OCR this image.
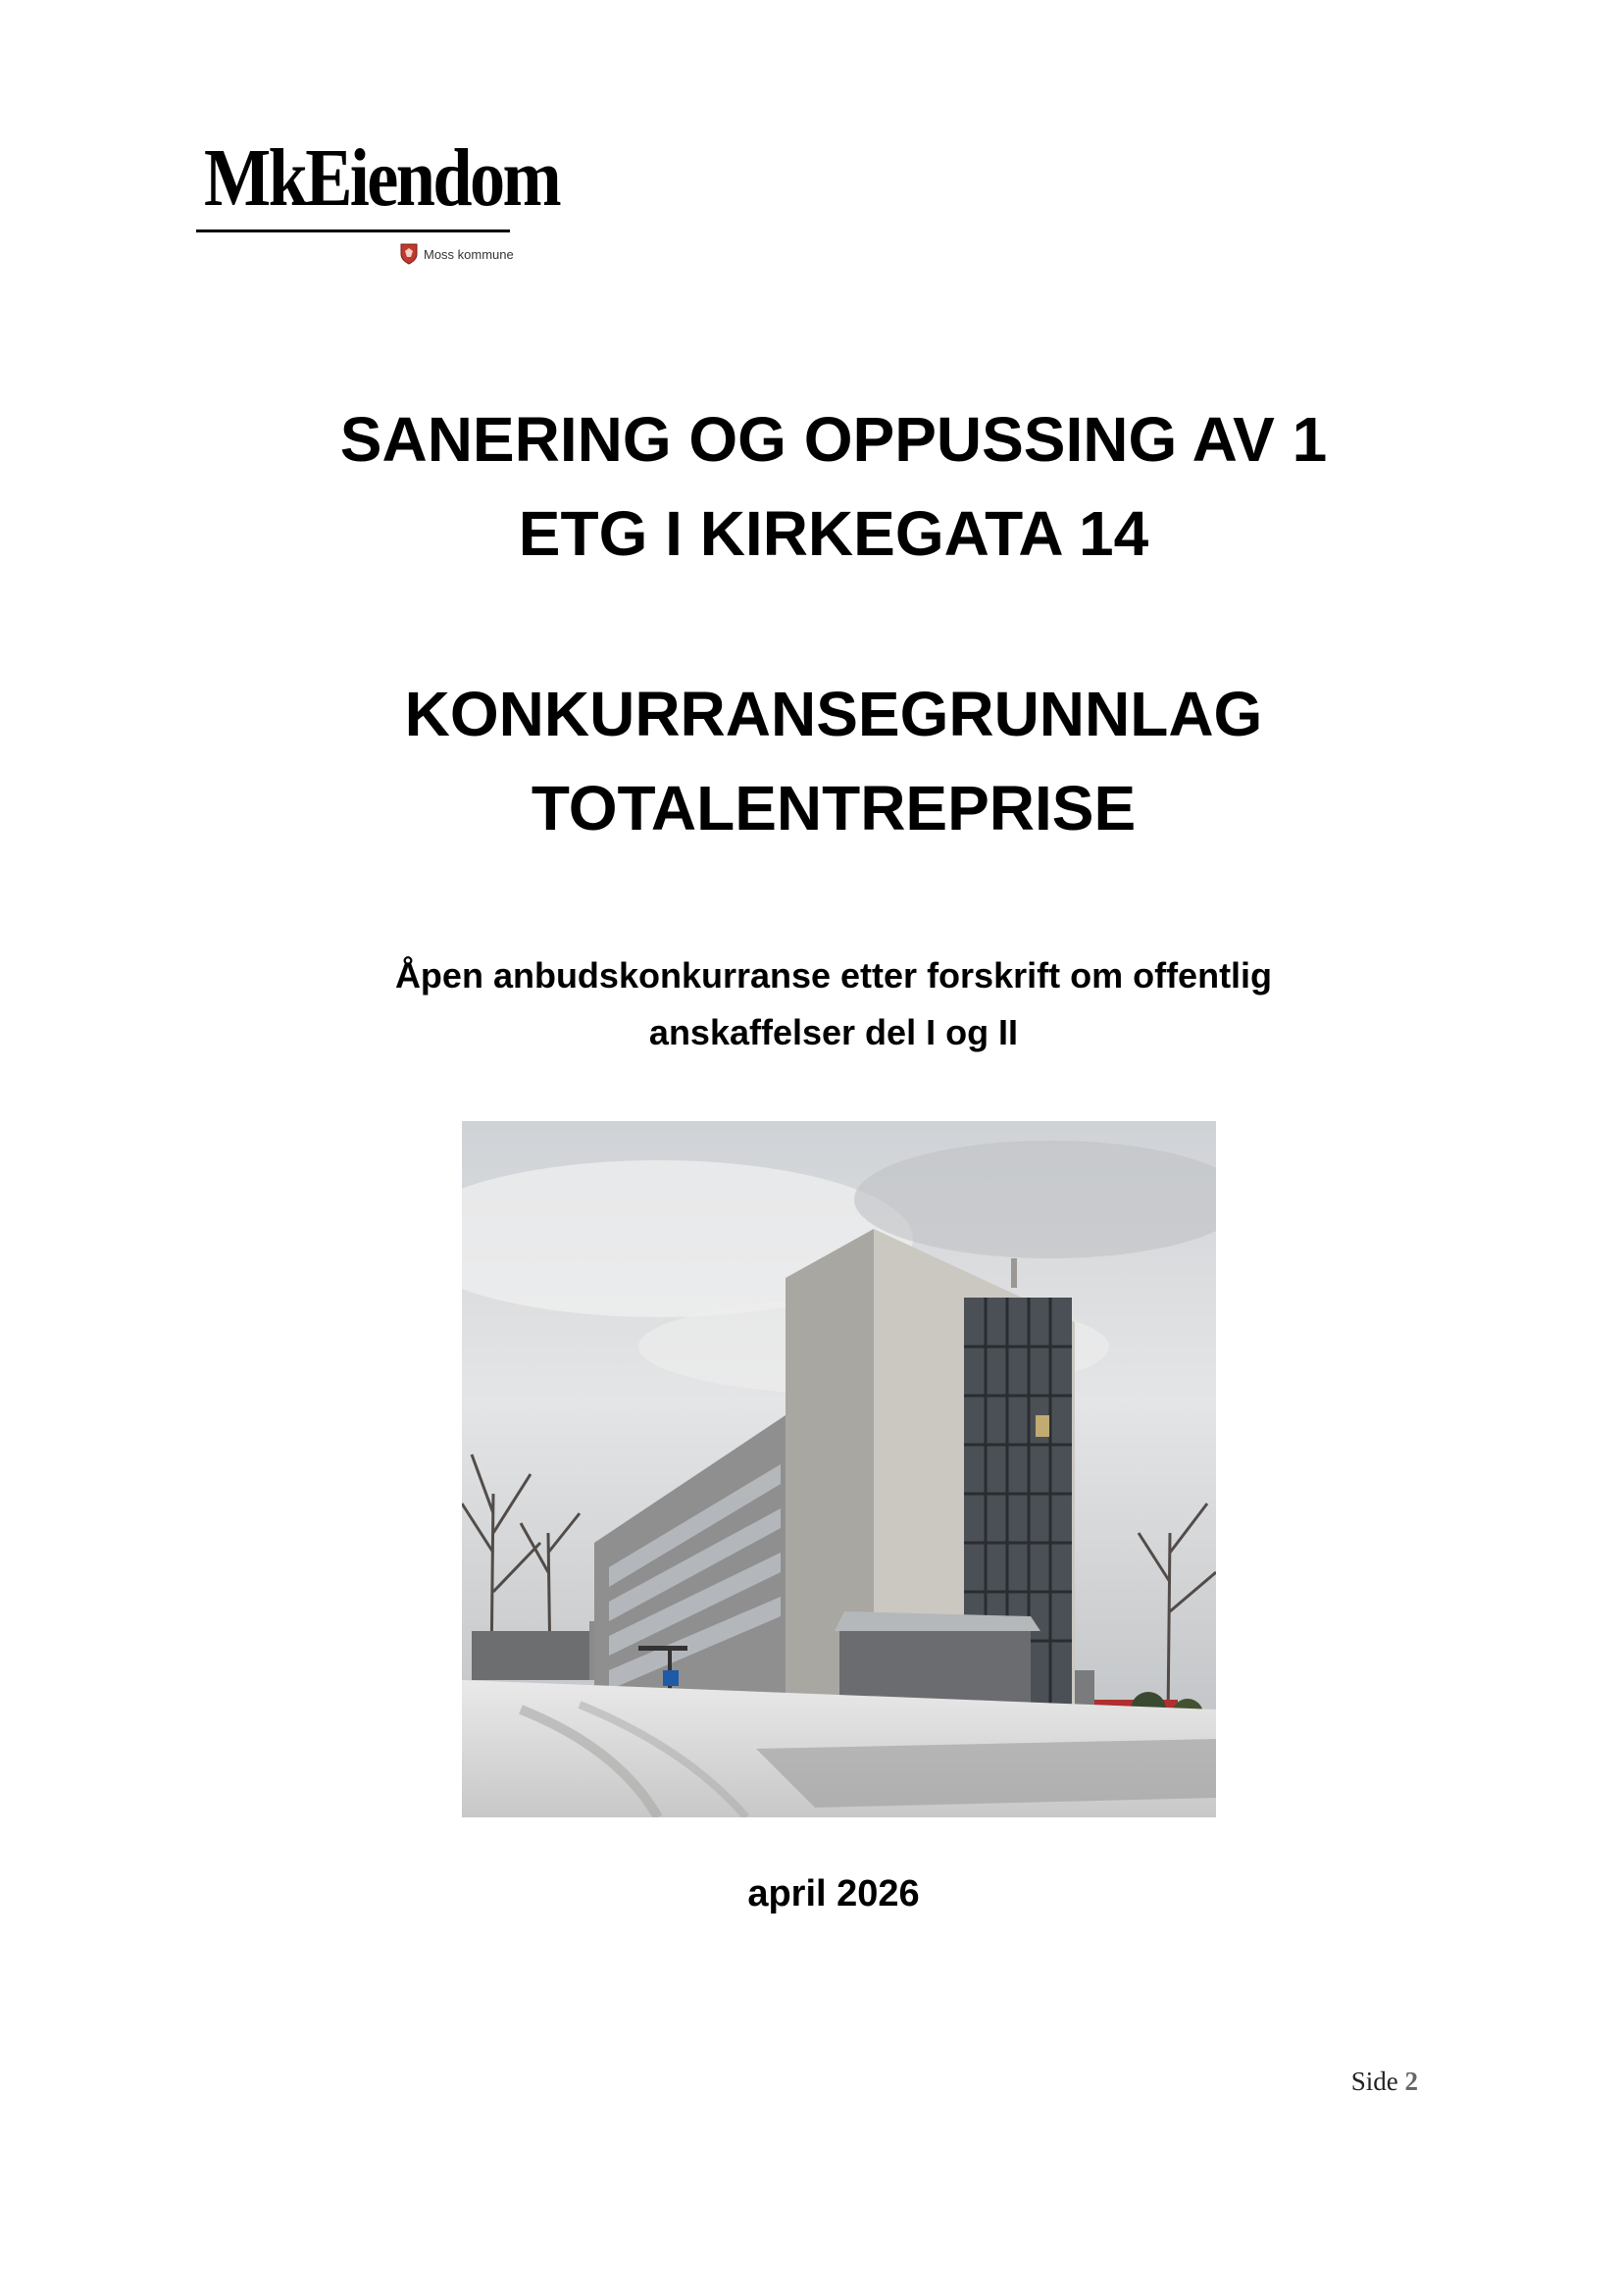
MkEiendom
Moss kommune
SANERING OG OPPUSSING AV 1
ETG I KIRKEGATA 14
KONKURRANSEGRUNNLAG
TOTALENTREPRISE
Åpen anbudskonkurranse etter forskrift om offentlig
anskaffelser del I og II
april 2026
Side 2
